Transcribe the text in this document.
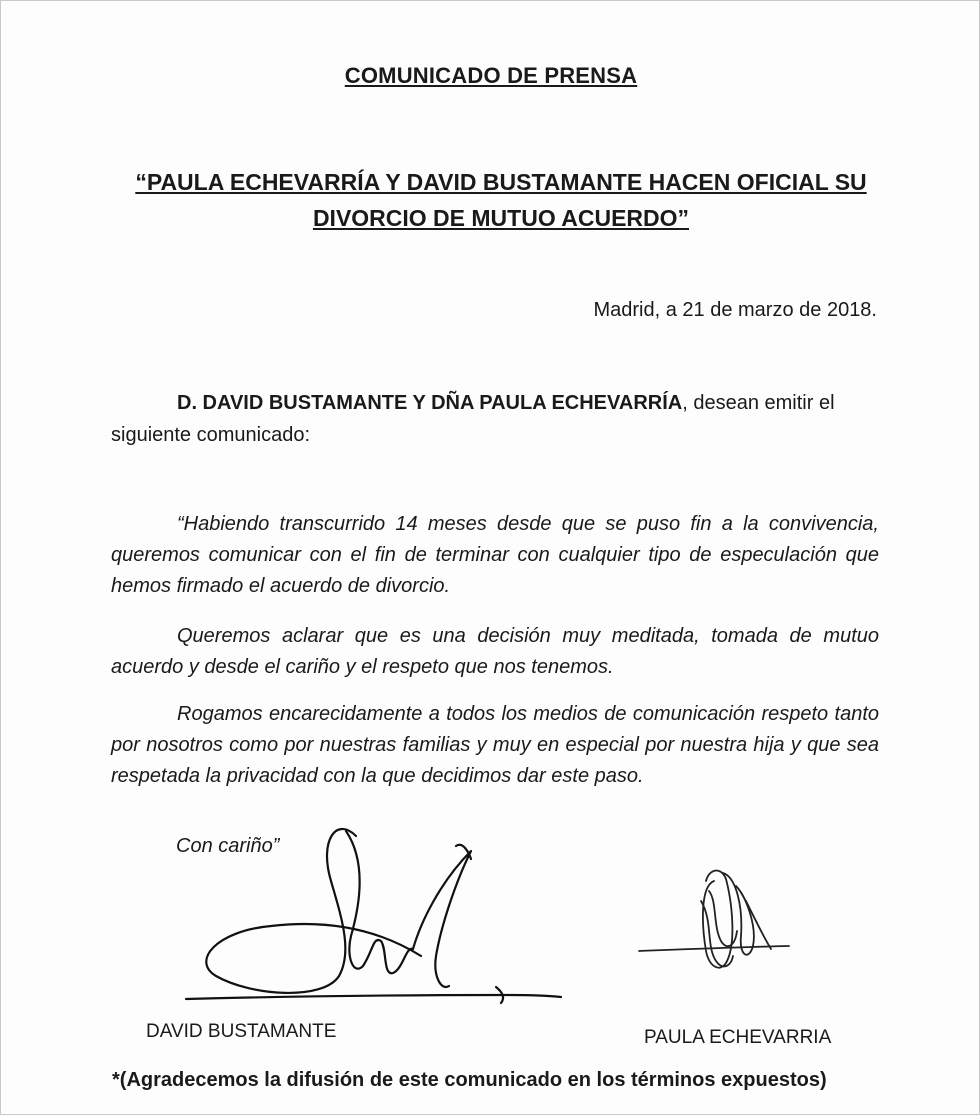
COMUNICADO DE PRENSA
“PAULA ECHEVARRÍA Y DAVID BUSTAMANTE HACEN OFICIAL SU
DIVORCIO DE MUTUO ACUERDO”
Madrid, a 21 de marzo de 2018.
D. DAVID BUSTAMANTE Y DÑA PAULA ECHEVARRÍA, desean emitir el siguiente comunicado:
“Habiendo transcurrido 14 meses desde que se puso fin a la convivencia, queremos comunicar con el fin de terminar con cualquier tipo de especulación que hemos firmado el acuerdo de divorcio.
Queremos aclarar que es una decisión muy meditada, tomada de mutuo acuerdo y desde el cariño y el respeto que nos tenemos.
Rogamos encarecidamente a todos los medios de comunicación respeto tanto por nosotros como por nuestras familias y muy en especial por nuestra hija y que sea respetada la privacidad con la que decidimos dar este paso.
Con cariño”
DAVID BUSTAMANTE	PAULA ECHEVARRIA
*(Agradecemos la difusión de este comunicado en los términos expuestos)
